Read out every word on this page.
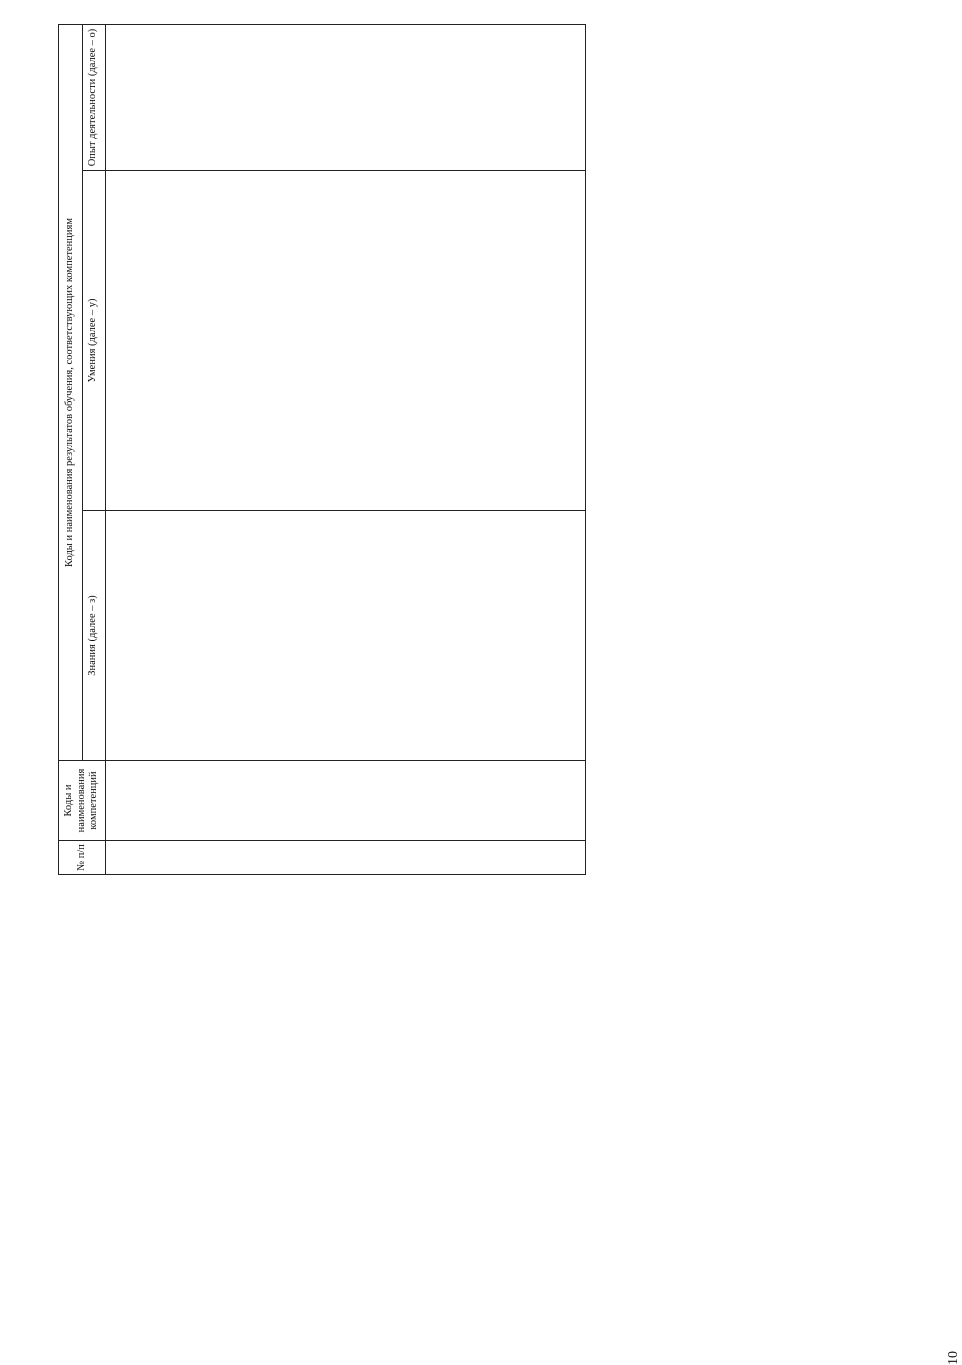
10
№ п/п	Коды и наименования компетенций	Коды и наименования результатов обучения, соответствующих компетенциям		
		Знания (далее – з)	Умения (далее – у)	Опыт деятельности (далее – о)
